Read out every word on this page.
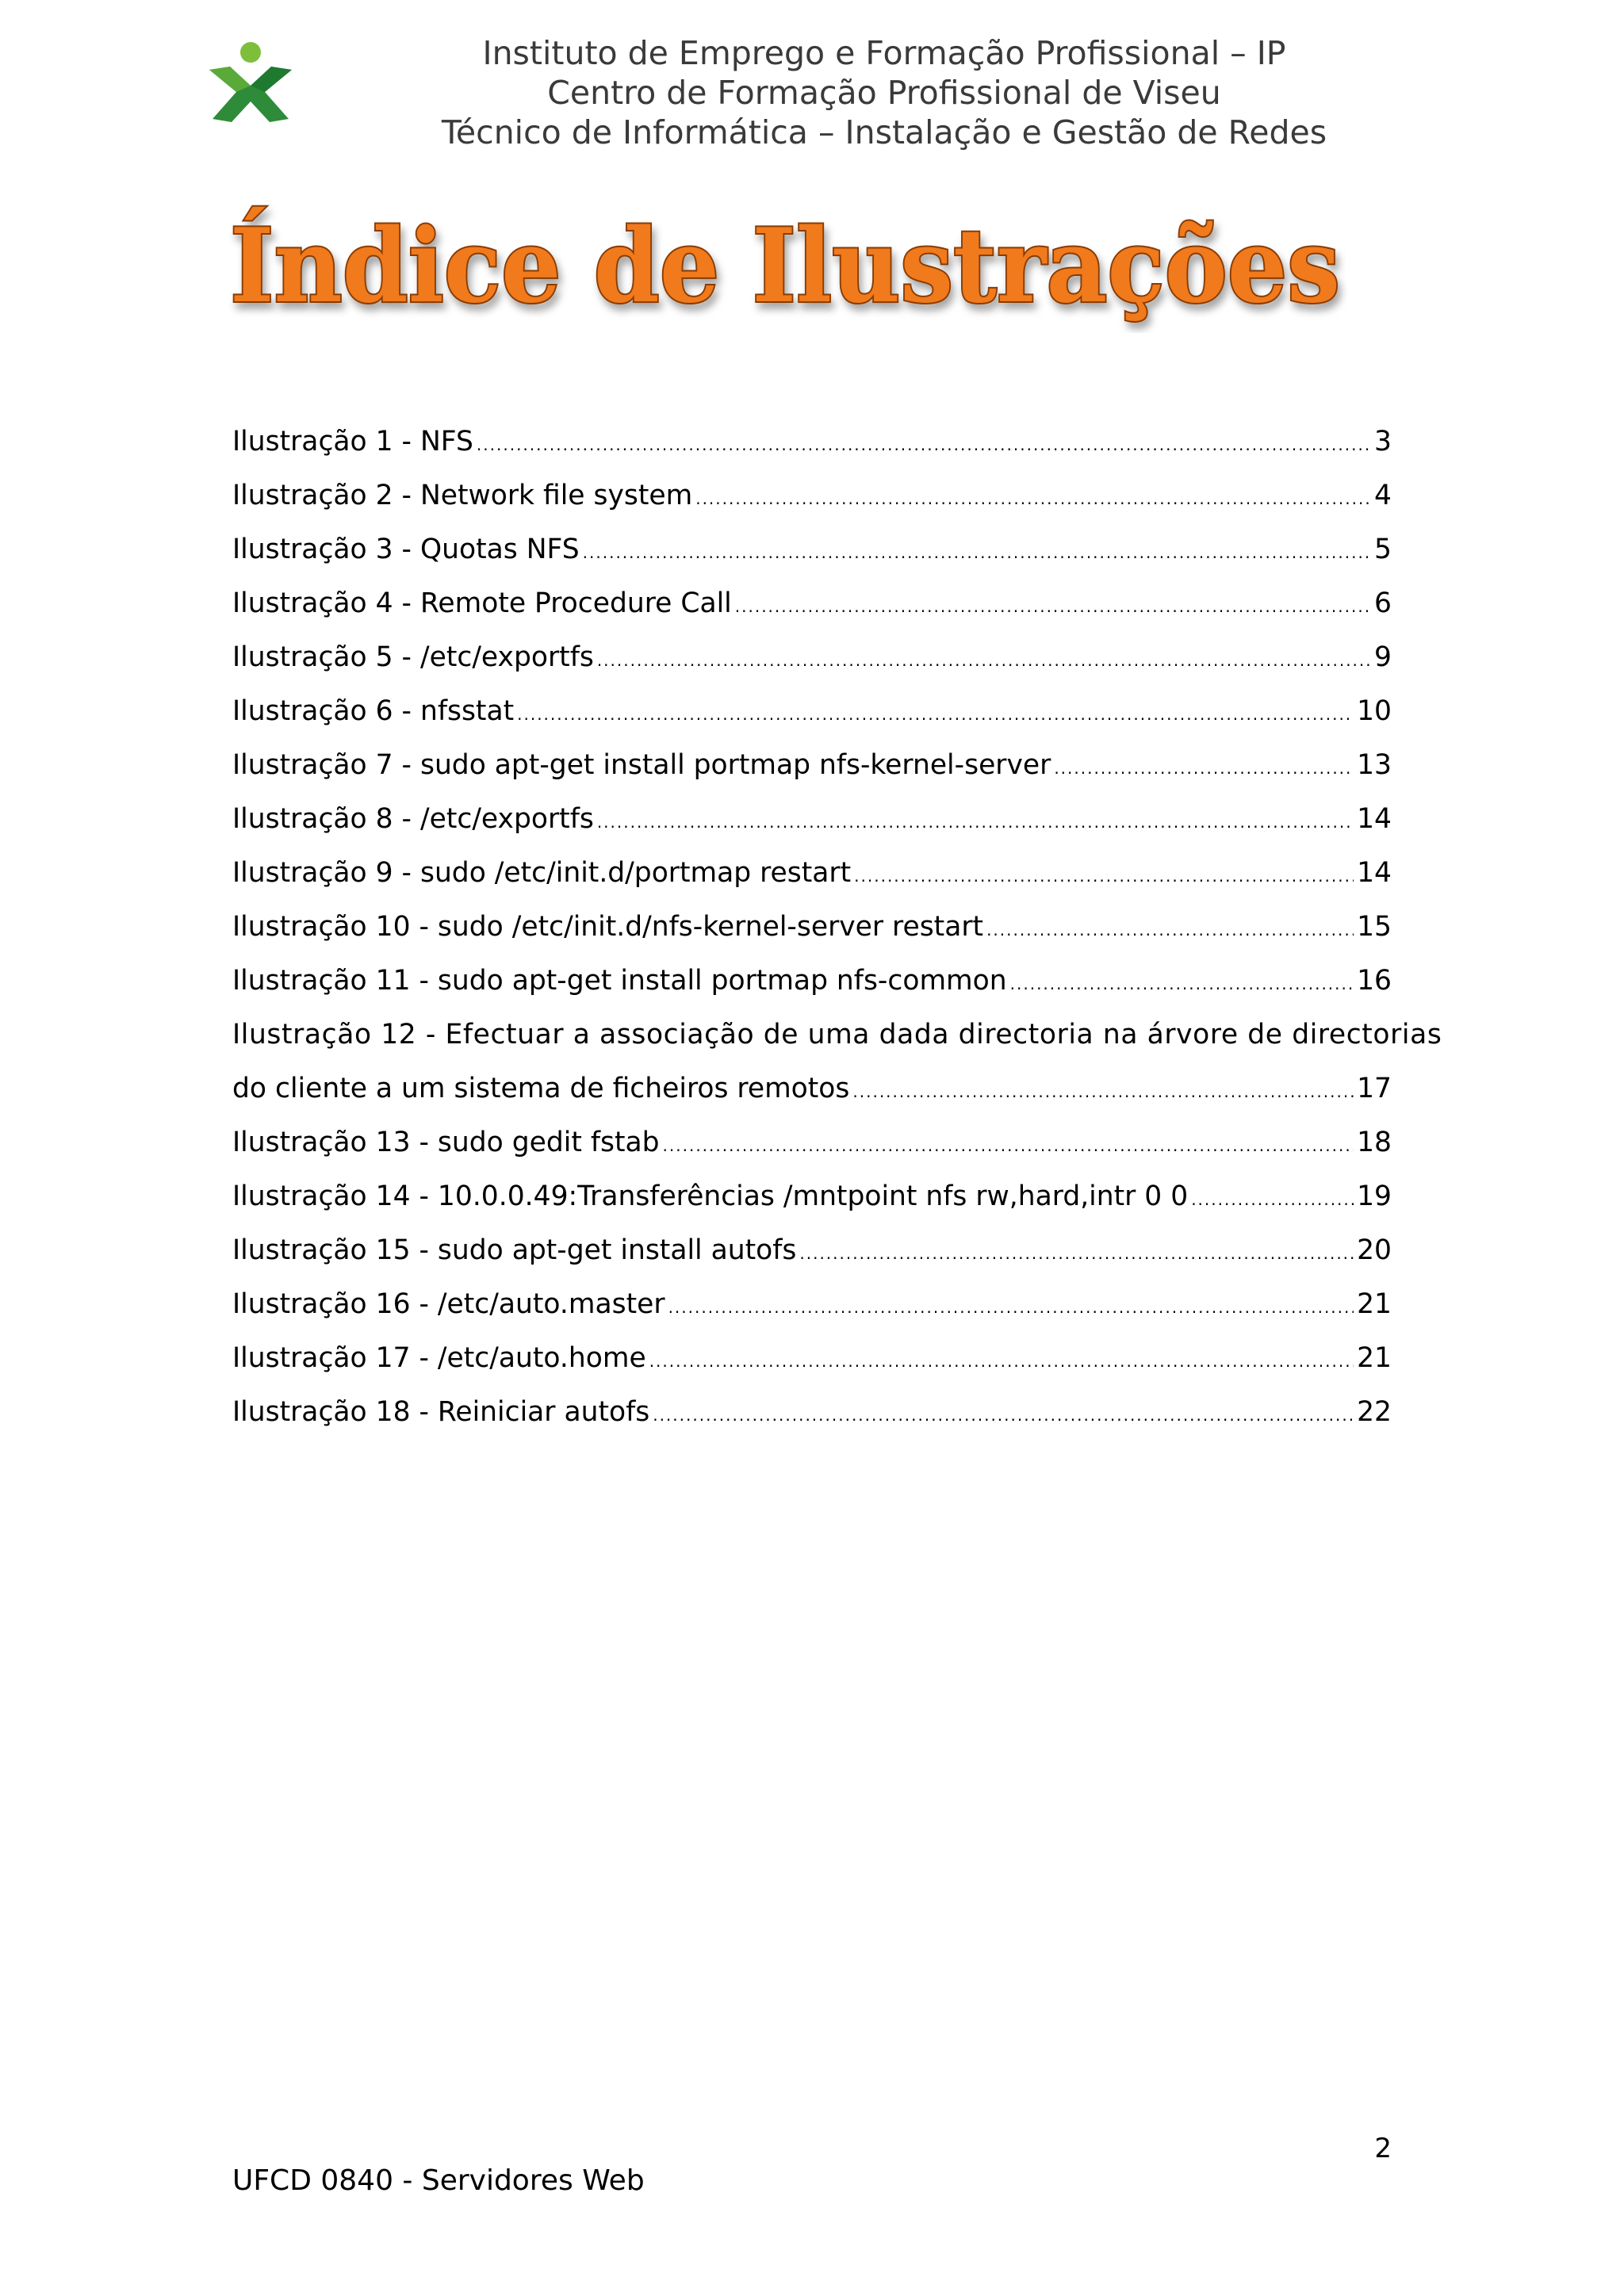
Instituto de Emprego e Formação Profissional – IP
Centro de Formação Profissional de Viseu
Técnico de Informática – Instalação e Gestão de Redes
Índice de Ilustrações
Ilustração 1 - NFS .....	3
Ilustração 2 - Network file system .....	4
Ilustração 3 - Quotas NFS .....	5
Ilustração 4 - Remote Procedure Call .....	6
Ilustração 5 - /etc/exportfs .....	9
Ilustração 6 - nfsstat .....	10
Ilustração 7 - sudo apt-get install portmap nfs-kernel-server .....	13
Ilustração 8 - /etc/exportfs .....	14
Ilustração 9 - sudo /etc/init.d/portmap restart .....	14
Ilustração 10 - sudo /etc/init.d/nfs-kernel-server restart .....	15
Ilustração 11 - sudo apt-get install portmap nfs-common .....	16
Ilustração 12 - Efectuar a associação de uma dada directoria na árvore de directorias
do cliente a um sistema de ficheiros remotos .....	17
Ilustração 13 - sudo gedit fstab .....	18
Ilustração 14 - 10.0.0.49:Transferências /mntpoint nfs rw,hard,intr 0 0 .....	19
Ilustração 15 - sudo apt-get install autofs .....	20
Ilustração 16 - /etc/auto.master .....	21
Ilustração 17 - /etc/auto.home .....	21
Ilustração 18 - Reiniciar autofs .....	22
2
UFCD 0840 - Servidores Web
